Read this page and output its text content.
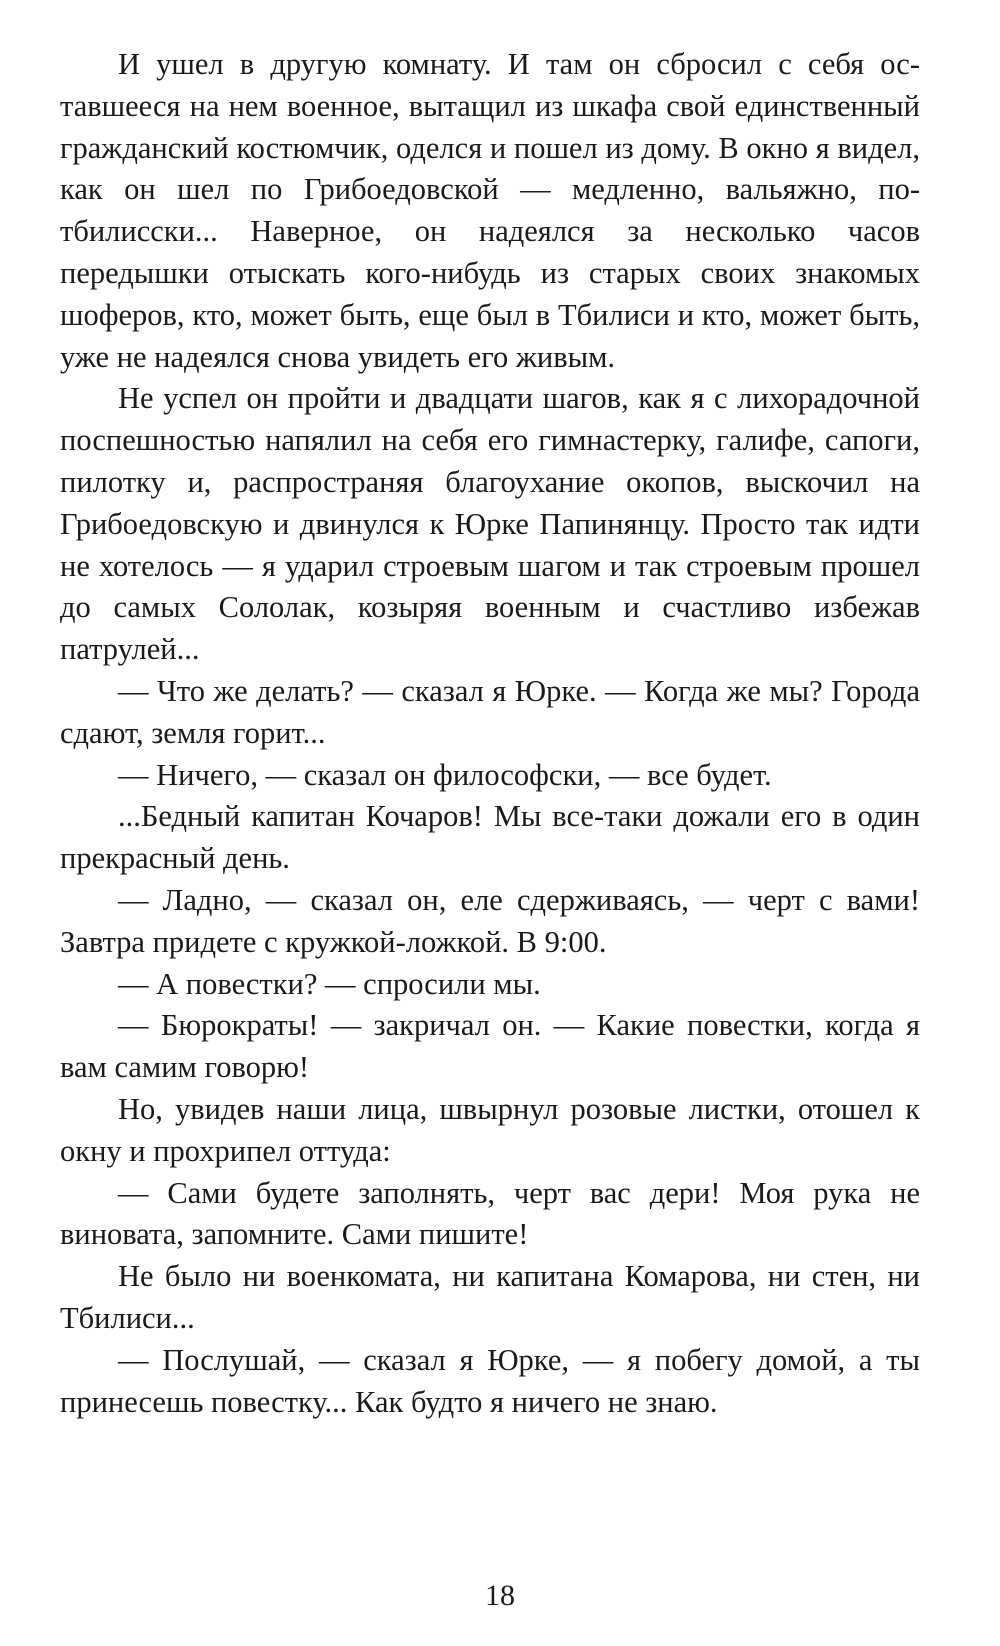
И ушел в другую комнату. И там он сбросил с себя оставшееся на нем военное, вытащил из шкафа свой единственный гражданский костюмчик, оделся и пошел из дому. В окно я видел, как он шел по Грибоедовской — медленно, вальяжно, по-тбилисски... Наверное, он надеялся за несколько часов передышки отыскать кого-нибудь из старых своих знакомых шоферов, кто, может быть, еще был в Тбилиси и кто, может быть, уже не надеялся снова увидеть его живым.

Не успел он пройти и двадцати шагов, как я с лихорадочной поспешностью напялил на себя его гимнастерку, галифе, сапоги, пилотку и, распространяя благоухание окопов, выскочил на Грибоедовскую и двинулся к Юрке Папинянцу. Просто так идти не хотелось — я ударил строевым шагом и так строевым прошел до самых Сололак, козыряя военным и счастливо избежав патрулей...

— Что же делать? — сказал я Юрке. — Когда же мы? Города сдают, земля горит...

— Ничего, — сказал он философски, — все будет.

...Бедный капитан Кочаров! Мы все-таки дожали его в один прекрасный день.

— Ладно, — сказал он, еле сдерживаясь, — черт с вами! Завтра придете с кружкой-ложкой. В 9:00.

— А повестки? — спросили мы.

— Бюрократы! — закричал он. — Какие повестки, когда я вам самим говорю!

Но, увидев наши лица, швырнул розовые листки, отошел к окну и прохрипел оттуда:

— Сами будете заполнять, черт вас дери! Моя рука не виновата, запомните. Сами пишите!

Не было ни военкомата, ни капитана Комарова, ни стен, ни Тбилиси...

— Послушай, — сказал я Юрке, — я побегу домой, а ты принесешь повестку... Как будто я ничего не знаю.

18
